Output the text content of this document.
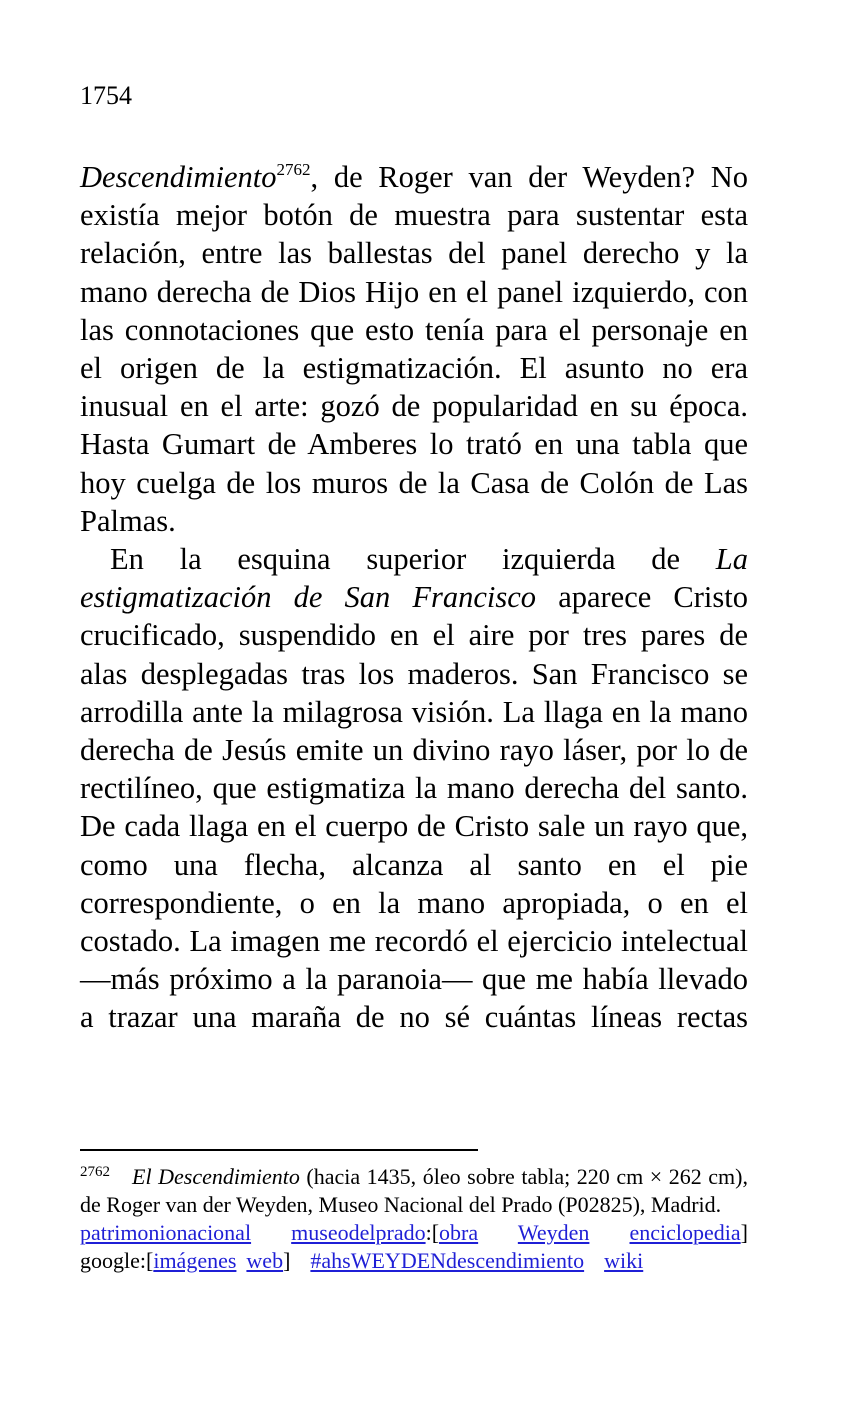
1754

Descendimiento$^{2762}$, de Roger van der Weyden? No existía mejor botón de muestra para sustentar esta relación, entre las ballestas del panel derecho y la mano derecha de Dios Hijo en el panel izquierdo, con las connotaciones que esto tenía para el personaje en el origen de la estigmatización. El asunto no era inusual en el arte: gozó de popularidad en su época. Hasta Gumart de Amberes lo trató en una tabla que hoy cuelga de los muros de la Casa de Colón de Las Palmas.

En la esquina superior izquierda de La estigmatización de San Francisco aparece Cristo crucificado, suspendido en el aire por tres pares de alas desplegadas tras los maderos. San Francisco se arrodilla ante la milagrosa visión. La llaga en la mano derecha de Jesús emite un divino rayo láser, por lo de rectilíneo, que estigmatiza la mano derecha del santo. De cada llaga en el cuerpo de Cristo sale un rayo que, como una flecha, alcanza al santo en el pie correspondiente, o en la mano apropiada, o en el costado. La imagen me recordó el ejercicio intelectual ―más próximo a la paranoia― que me había llevado a trazar una maraña de no sé cuántas líneas rectas

$^{2762}$ El Descendimiento (hacia 1435, óleo sobre tabla; 220 cm × 262 cm), de Roger van der Weyden, Museo Nacional del Prado (P02825), Madrid.

patrimonionacional museodelprado:[obra Weyden enciclopedia]

google:[imágenes web] #ahsWEYDENdescendimiento wiki
